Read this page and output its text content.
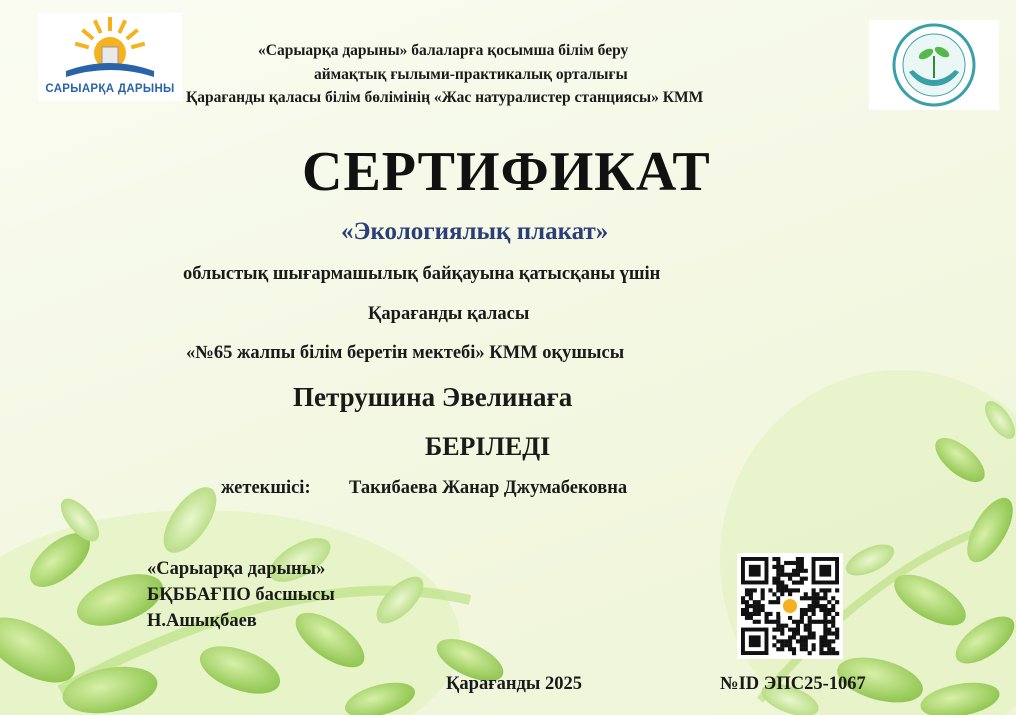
САРЫАРҚА ДАРЫНЫ
«Сарыарқа дарыны» балаларға қосымша білім беру
аймақтық ғылыми-практикалық орталығы
Қарағанды қаласы білім бөлімінің «Жас натуралистер станциясы» КММ
СЕРТИФИКАТ
«Экологиялық плакат»
облыстық шығармашылық байқауына қатысқаны үшін
Қарағанды қаласы
«№65 жалпы білім беретін мектебі» КММ оқушысы
Петрушина Эвелинаға
БЕРІЛЕДІ
жетекшісі: Такибаева Жанар Джумабековна
«Сарыарқа дарыны»
БҚББАҒПО басшысы
Н.Ашықбаев
Қарағанды 2025	№ID ЭПС25-1067
